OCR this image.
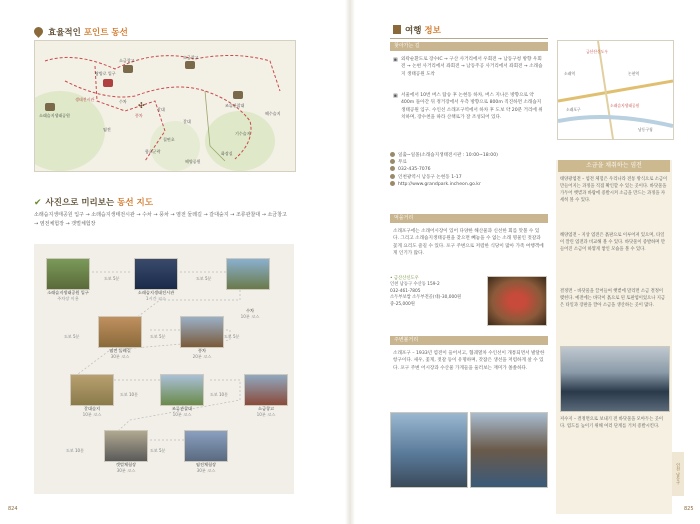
효율적인 포인트 동선
소금창고
소금창고
탐방로 입구
생태전시관
소래습지생태공원
수차 ✣
풍차
염전
갈대
갈대
칠면초
조류관찰대
해수습지
함초군락
기수습지
화장실
해양공원
✔ 사진으로 미리보는 동선 지도
소래습지생태공원 입구 → 소래습지생태전시관 → 수차 → 풍차 → 염전 둘레길 → 갈대숲지 → 조류관찰대 → 소금창고 → 염전체험장 → 갯벌체험장
소래습지생태공원 입구
주차장 이용
소래습지생태전시관
1시간 코스
수차
10분 코스
염전 둘레길
30분 코스
풍차
20분 코스
갈대숲지
10분 코스
조류관찰대
10분 코스
소금창고
10분 코스
갯벌체험장
30분 코스
염전체험장
30분 코스
도보 5분	도보 5분
도보 5분	도보 5분	도보 5분
도보 10분	도보 10분
도보 10분	도보 5분
824
여행 정보
찾아가는 길
▣ 외곽순환도로 장수IC → 구산 사거리에서 우회전 → 남동구청 방향 우회전 → 논현 사거리에서 좌회전 → 남동주공 사거리에서 좌회전 → 소래습지 생태공원 도착
▣ 서울에서 10번 버스 탑승 후 논현동 하차, 버스 지나온 방향으로 약 400m 돌아간 뒤 정거장에서 우측 방향으로 800m 직진하면 소래습지생태공원 입구. 수인선 소래포구역에서 하차 후 도보 약 20분 거리에 위치하며, 장수천을 따라 산책로가 잘 조성되어 있다.
일출~일몰(소래습지생태전시관 : 10:00~18:00)
무료
032-435-7076
인천광역시 남동구 논현동 1-17
http://www.grandpark.incheon.go.kr
먹을거리
소래포구에는 소래어시장이 있어 다양한 해산물과 신선한 회를 맛볼 수 있다. 그리고 소래습지생태공원을 찾으면 빼놓을 수 없는 소래 명물인 젓갈과 꽃게 요리도 즐길 수 있다. 포구 주변으로 저렴한 식당이 많아 가족 여행객에게 인기가 많다.
• 금산산신도우
인천 남동구 수산동 159-2
032-461-7805
소두부보쌈 소두부전골(대)-30,000원 중-25,000원
주변볼거리
소래포구 – 1933년 염전이 들어서고, 협궤열차 수인선이 개통되면서 발달한 항구이다. 새우, 꽃게, 젓갈 등이 유명하며, 갓잡은 생선을 저렴하게 살 수 있다. 포구 주변 어시장과 수산물 가게들을 둘러보는 재미가 쏠쏠하다.
금산산신도우
소래역	논현역
소래포구
소래습지생태공원
남동구청
소금을 채취하는 염전
태양광염전 – 염전 체험은 우리나라 전통 방식으로 소금이 만들어지는 과정을 직접 확인할 수 있는 곳이다. 바닷물을 가두어 햇볕과 바람에 증발시켜 소금을 만드는 과정을 자세히 볼 수 있다.
해양염전 – 지상 염전은 흙판으로 이루어져 있으며, 타일이 깔린 염전과 비교해 볼 수 있다. 바닷물이 증발하며 만들어진 소금이 하얗게 쌓인 모습을 볼 수 있다.
결정면 – 바닷물을 끌어들여 햇볕에 말리면 소금 결정이 맺힌다. 예전에는 바닥이 흙으로 된 토판염이었으나 지금은 타일과 장판을 깔아 소금을 생산하는 곳이 많다.
저수지 – 결정면으로 보내기 전 바닷물을 모아두는 곳이다. 염도를 높이기 위해 여러 단계를 거쳐 증발시킨다.
인천 남동구
825
